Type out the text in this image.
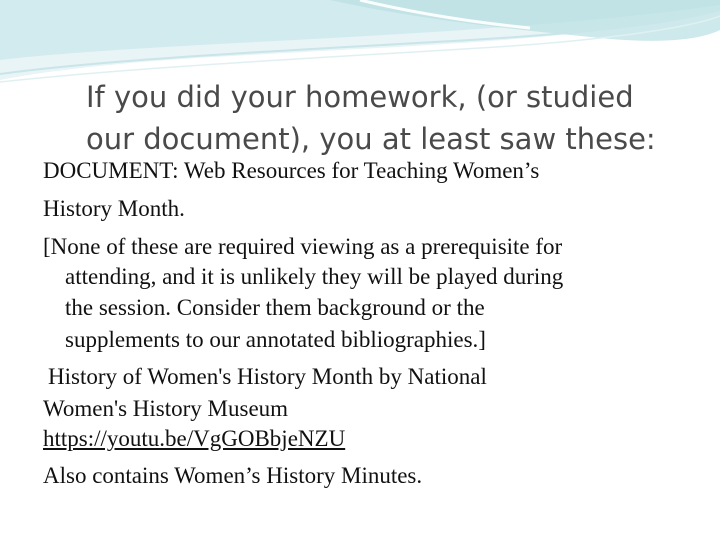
If you did your homework, (or studied
our document), you at least saw these:
DOCUMENT: Web Resources for Teaching Women’s
History Month.
[None of these are required viewing as a prerequisite for
attending, and it is unlikely they will be played during
the session. Consider them background or the
supplements to our annotated bibliographies.]
History of Women's History Month by National
Women's History Museum
https://youtu.be/VgGOBbjeNZU
Also contains Women’s History Minutes.
